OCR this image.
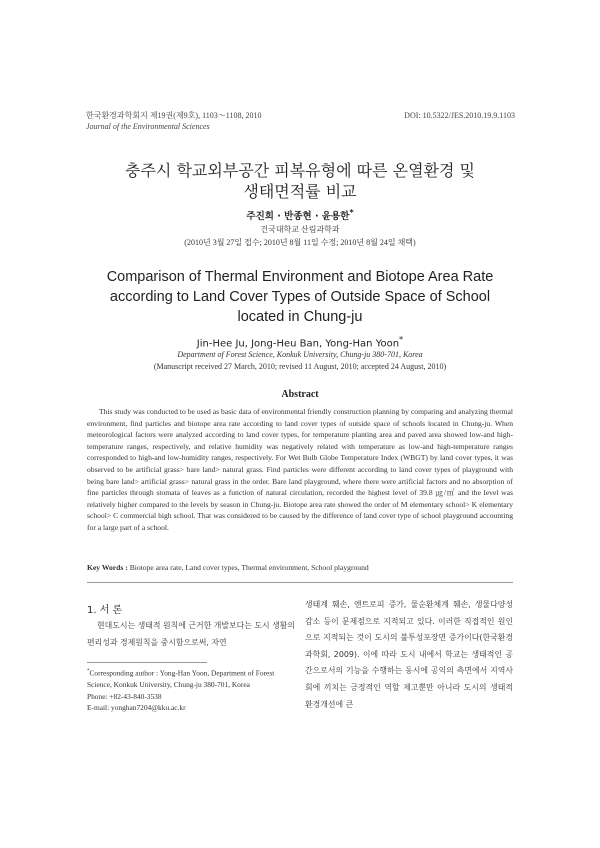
한국환경과학회지 제19권(제9호), 1103～1108, 2010
Journal of the Environmental Sciences
DOI: 10.5322/JES.2010.19.9.1103
충주시 학교외부공간 피복유형에 따른 온열환경 및
생태면적률 비교
주진희 · 반종현 · 윤용한*
건국대학교 산림과학과
(2010년 3월 27일 접수; 2010년 8월 11일 수정; 2010년 8월 24일 채택)
Comparison of Thermal Environment and Biotope Area Rate
according to Land Cover Types of Outside Space of School
located in Chung-ju
Jin-Hee Ju, Jong-Heu Ban, Yong-Han Yoon*
Department of Forest Science, Konkuk University, Chung-ju 380-701, Korea
(Manuscript received 27 March, 2010; revised 11 August, 2010; accepted 24 August, 2010)
Abstract
This study was conducted to be used as basic data of environmental friendly construction planning by comparing and analyzing thermal environment, find particles and biotope area rate according to land cover types of outside space of schools located in Chung-ju. When meteorological factors were analyzed according to land cover types, for temperature planting area and paved area showed low-and high-temperature ranges, respectively, and relative humidity was negatively related with temperature as low-and high-temperature ranges corresponded to high-and low-humidity ranges, respectively. For Wet Bulb Globe Temperature Index (WBGT) by land cover types, it was observed to be artificial grass> bare land> natural grass. Find particles were different according to land cover types of playground with being bare land> artificial grass> natural grass in the order. Bare land playground, where there were artificial factors and no absorption of fine particles through stomata of leaves as a function of natural circulation, recorded the highest level of 39.8 ㎍/㎥ and the level was relatively higher compared to the levels by season in Chung-ju. Biotope area rate showed the order of M elementary school> K elementary school> C commercial high school. That was considered to be caused by the difference of land cover type of school playground accounting for a large part of a school.
Key Words : Biotope area rate, Land cover types, Thermal environment, School playground
1. 서 론
현대도시는 생태적 원칙에 근거한 개발보다는 도시 생활의 편리성과 경제원칙을 중시함으로써, 자연
생태계 훼손, 엔트로피 증가, 물순환체계 훼손, 생물다양성 감소 등이 문제점으로 지적되고 있다. 이러한 직접적인 원인으로 지적되는 것이 도시의 불투성포장면 증가이다(한국환경과학회, 2009). 이에 따라 도시 내에서 학교는 생태적인 공간으로서의 기능을 수행하는 동시에 공익의 측면에서 지역사회에 끼치는 긍정적인 역할 제고뿐만 아니라 도시의 생태적 환경개선에 큰
*Corresponding author : Yong-Han Yoon, Department of Forest Science, Konkuk University, Chung-ju 380-701, Korea
Phone: +82-43-840-3538
E-mail: yonghan7204@kku.ac.kr
